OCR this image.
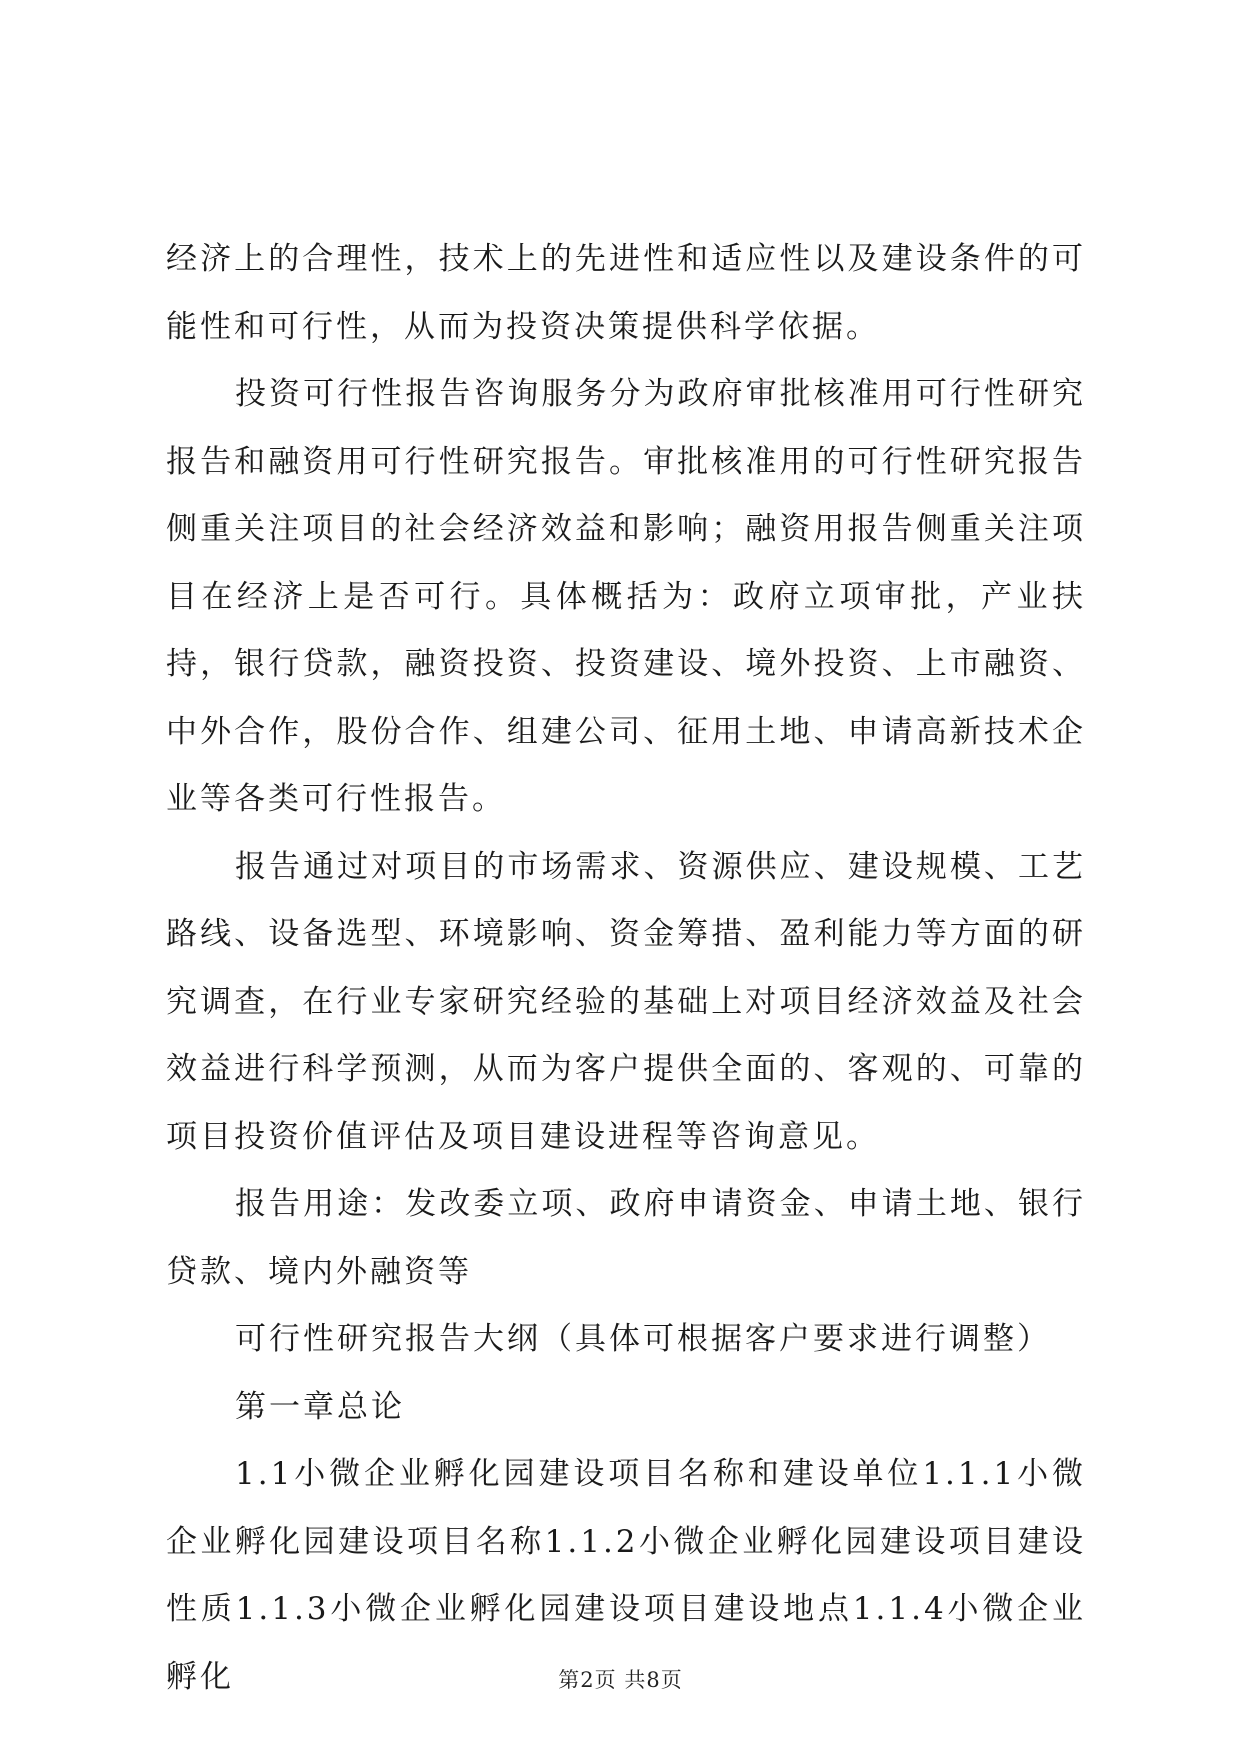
经济上的合理性，技术上的先进性和适应性以及建设条件的可能性和可行性，从而为投资决策提供科学依据。

投资可行性报告咨询服务分为政府审批核准用可行性研究报告和融资用可行性研究报告。审批核准用的可行性研究报告侧重关注项目的社会经济效益和影响；融资用报告侧重关注项目在经济上是否可行。具体概括为：政府立项审批，产业扶持，银行贷款，融资投资、投资建设、境外投资、上市融资、中外合作，股份合作、组建公司、征用土地、申请高新技术企业等各类可行性报告。

报告通过对项目的市场需求、资源供应、建设规模、工艺路线、设备选型、环境影响、资金筹措、盈利能力等方面的研究调查，在行业专家研究经验的基础上对项目经济效益及社会效益进行科学预测，从而为客户提供全面的、客观的、可靠的项目投资价值评估及项目建设进程等咨询意见。

报告用途：发改委立项、政府申请资金、申请土地、银行贷款、境内外融资等

可行性研究报告大纲（具体可根据客户要求进行调整）

第一章总论

1.1小微企业孵化园建设项目名称和建设单位1.1.1小微企业孵化园建设项目名称1.1.2小微企业孵化园建设项目建设性质1.1.3小微企业孵化园建设项目建设地点1.1.4小微企业孵化	第2页 共8页
